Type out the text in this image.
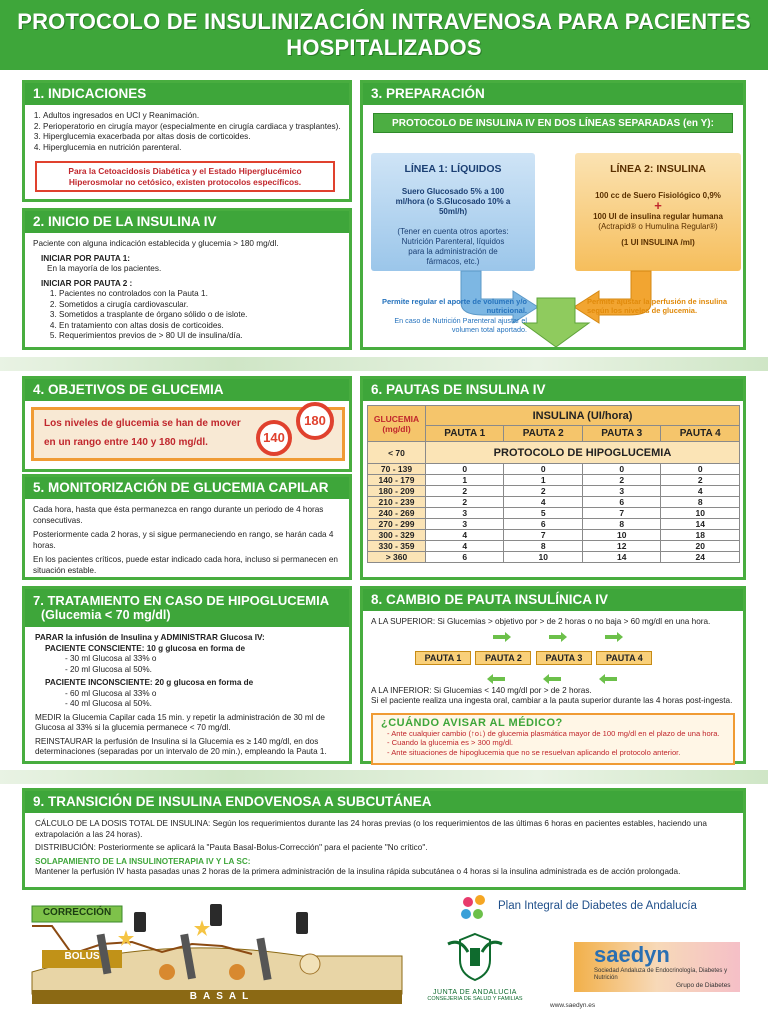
PROTOCOLO DE INSULINIZACIÓN INTRAVENOSA PARA PACIENTES HOSPITALIZADOS
1. INDICACIONES
1. Adultos ingresados en UCI y Reanimación.
2. Perioperatorio en cirugía mayor (especialmente en cirugía cardiaca y trasplantes).
3. Hiperglucemia exacerbada por altas dosis de corticoides.
4. Hiperglucemia en nutrición parenteral.
Para la Cetoacidosis Diabética y el Estado Hiperglucémico Hiperosmolar no cetósico, existen protocolos específicos.
2. INICIO DE LA INSULINA IV
Paciente con alguna indicación establecida y glucemia > 180 mg/dl.
INICIAR POR PAUTA 1:
En la mayoría de los pacientes.
INICIAR POR PAUTA 2 :
1. Pacientes no controlados con la Pauta 1.
2. Sometidos a cirugía cardiovascular.
3. Sometidos a trasplante de órgano sólido o de islote.
4. En tratamiento con altas dosis de corticoides.
5. Requerimientos previos de > 80 UI de insulina/día.
3. PREPARACIÓN
PROTOCOLO DE INSULINA IV EN DOS LÍNEAS SEPARADAS (en Y):
LÍNEA 1: LÍQUIDOS
Suero Glucosado 5% a 100 ml/hora (o S.Glucosado 10% a 50ml/h)
(Tener en cuenta otros aportes: Nutrición Parenteral, líquidos para la administración de fármacos, etc.)
LÍNEA 2: INSULINA
100 cc de Suero Fisiológico 0,9%
+
100 UI de insulina regular humana
(Actrapid® o Humulina Regular®)
(1 UI INSULINA /ml)
Permite regular el aporte de volumen y/o nutricional.
En caso de Nutrición Parenteral ajustar el volumen total aportado.
Permite ajustar la perfusión de insulina según los niveles de glucemia.
4. OBJETIVOS DE GLUCEMIA
Los niveles de glucemia se han de mover
en un rango entre 140 y 180 mg/dl.	140
180
5. MONITORIZACIÓN DE GLUCEMIA CAPILAR
Cada hora, hasta que ésta permanezca en rango durante un periodo de 4 horas consecutivas.
Posteriormente cada 2 horas, y si sigue permaneciendo en rango, se harán cada 4 horas.
En los pacientes críticos, puede estar indicado cada hora, incluso si permanecen en situación estable.
6. PAUTAS DE INSULINA IV
GLUCEMIA (mg/dl)	INSULINA (UI/hora)			
	PAUTA 1	PAUTA 2	PAUTA 3	PAUTA 4
< 70	PROTOCOLO DE HIPOGLUCEMIA			
70 - 139	0	0	0	0
140 - 179	1	1	2	2
180 - 209	2	2	3	4
210 - 239	2	4	6	8
240 - 269	3	5	7	10
270 - 299	3	6	8	14
300 - 329	4	7	10	18
330 - 359	4	8	12	20
> 360	6	10	14	24
7. TRATAMIENTO EN CASO DE HIPOGLUCEMIA
(Glucemia < 70 mg/dl)
PARAR la infusión de Insulina y ADMINISTRAR Glucosa IV:
PACIENTE CONSCIENTE: 10 g glucosa en forma de
- 30 ml Glucosa al 33% o
- 20 ml Glucosa al 50%.
PACIENTE INCONSCIENTE: 20 g glucosa en forma de
- 60 ml Glucosa al 33% o
- 40 ml Glucosa al 50%.
MEDIR la Glucemia Capilar cada 15 min. y repetir la administración de 30 ml de Glucosa al 33% si la glucemia permanece < 70 mg/dl.
REINSTAURAR la perfusión de Insulina si la Glucemia es ≥ 140 mg/dl, en dos determinaciones (separadas por un intervalo de 20 min.), empleando la Pauta 1.
8. CAMBIO DE PAUTA INSULÍNICA IV
A LA SUPERIOR: Si Glucemias > objetivo por > de 2 horas o no baja > 60 mg/dl en una hora.
PAUTA 1	PAUTA 2	PAUTA 3	PAUTA 4
A LA INFERIOR: Si Glucemias < 140 mg/dl por > de 2 horas.
Si el paciente realiza una ingesta oral, cambiar a la pauta superior durante las 4 horas post-ingesta.
¿CUÁNDO AVISAR AL MÉDICO?
- Ante cualquier cambio (↑o↓) de glucemia plasmática mayor de 100 mg/dl en el plazo de una hora.
- Cuando la glucemia es > 300 mg/dl.
- Ante situaciones de hipoglucemia que no se resuelvan aplicando el protocolo anterior.
9. TRANSICIÓN DE INSULINA ENDOVENOSA A SUBCUTÁNEA
CÁLCULO DE LA DOSIS TOTAL DE INSULINA: Según los requerimientos durante las 24 horas previas (o los requerimientos de las últimas 6 horas en pacientes estables, haciendo una extrapolación a las 24 horas).
DISTRIBUCIÓN: Posteriormente se aplicará la "Pauta Basal-Bolus-Corrección" para el paciente "No crítico".
SOLAPAMIENTO DE LA INSULINOTERAPIA IV Y LA SC:
Mantener la perfusión IV hasta pasadas unas 2 horas de la primera administración de la insulina rápida subcutánea o 4 horas si la insulina administrada es de acción prolongada.
CORRECCIÓN
BOLUS
BASAL
Plan Integral de Diabetes de Andalucía
JUNTA DE ANDALUCIA
CONSEJERIA DE SALUD Y FAMILIAS
saedyn
Sociedad Andaluza de Endocrinología, Diabetes y Nutrición
Grupo de Diabetes
www.saedyn.es
